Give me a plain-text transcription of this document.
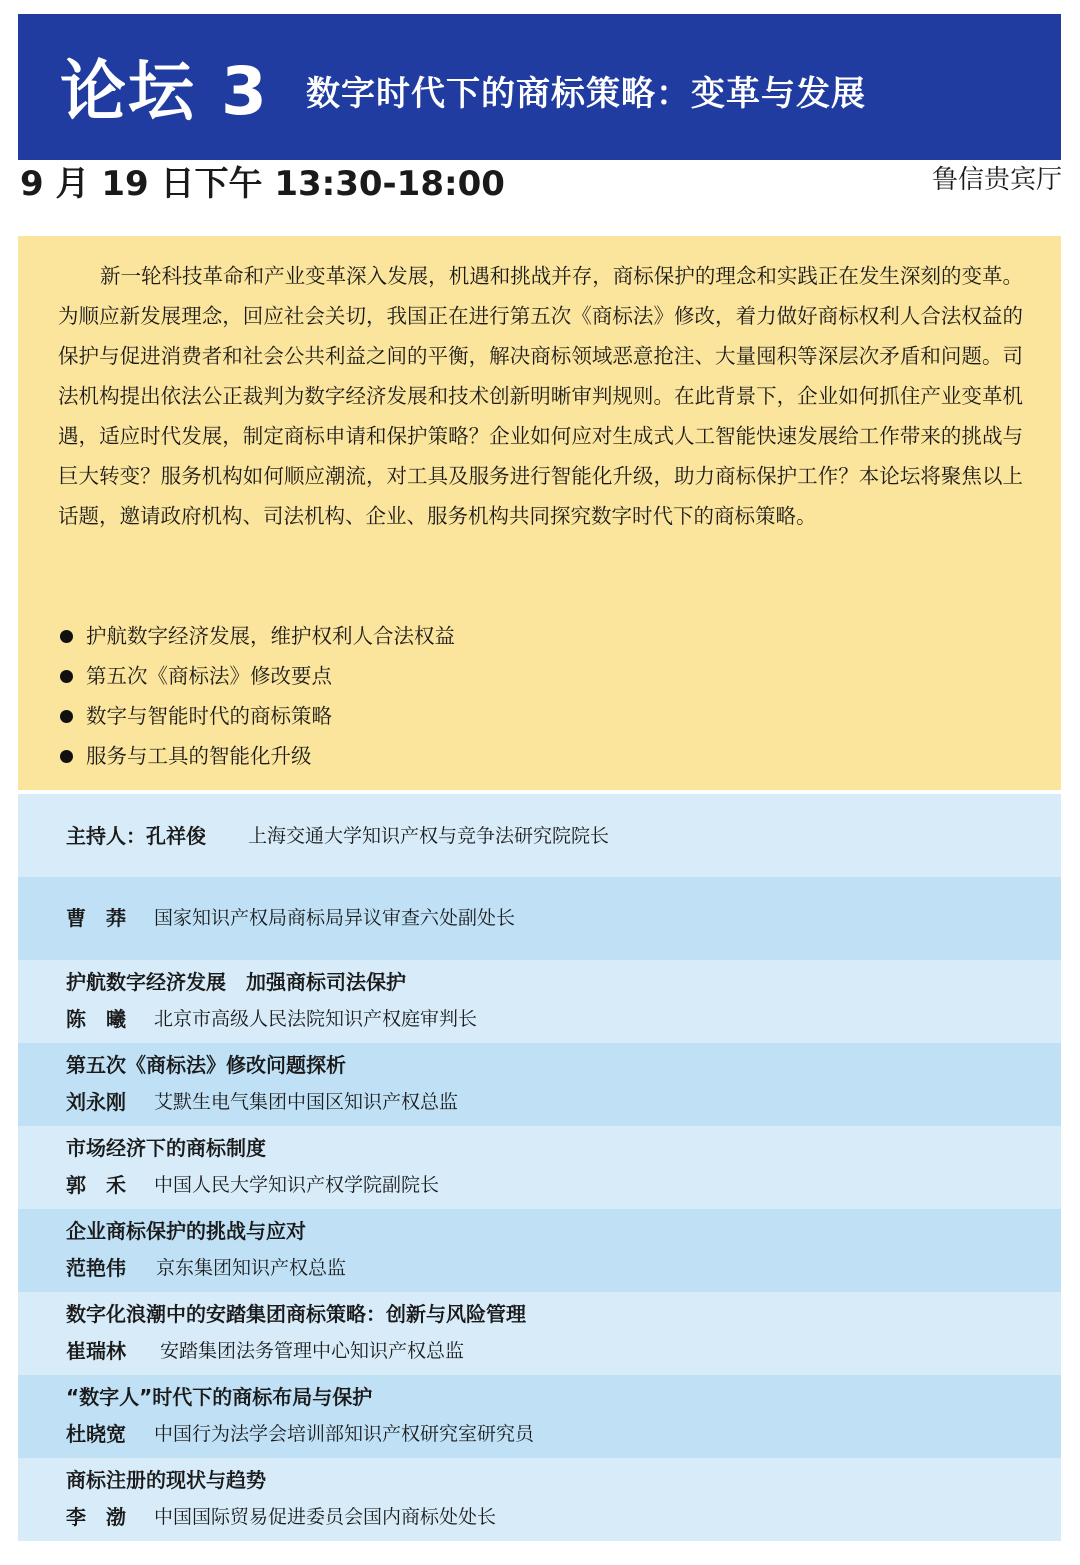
论坛 3 数字时代下的商标策略：变革与发展
9 月 19 日下午 13:30-18:00	鲁信贵宾厅

新一轮科技革命和产业变革深入发展，机遇和挑战并存，商标保护的理念和实践正在发生深刻的变革。为顺应新发展理念，回应社会关切，我国正在进行第五次《商标法》修改，着力做好商标权利人合法权益的保护与促进消费者和社会公共利益之间的平衡，解决商标领域恶意抢注、大量囤积等深层次矛盾和问题。司法机构提出依法公正裁判为数字经济发展和技术创新明晰审判规则。在此背景下，企业如何抓住产业变革机遇，适应时代发展，制定商标申请和保护策略？企业如何应对生成式人工智能快速发展给工作带来的挑战与巨大转变？服务机构如何顺应潮流，对工具及服务进行智能化升级，助力商标保护工作？本论坛将聚焦以上话题，邀请政府机构、司法机构、企业、服务机构共同探究数字时代下的商标策略。

护航数字经济发展，维护权利人合法权益
第五次《商标法》修改要点
数字与智能时代的商标策略
服务与工具的智能化升级
主持人：孔祥俊 上海交通大学知识产权与竞争法研究院院长
曹　莽 国家知识产权局商标局异议审查六处副处长
护航数字经济发展　加强商标司法保护
陈　曦 北京市高级人民法院知识产权庭审判长
第五次《商标法》修改问题探析
刘永刚 艾默生电气集团中国区知识产权总监
市场经济下的商标制度
郭　禾 中国人民大学知识产权学院副院长
企业商标保护的挑战与应对
范艳伟 京东集团知识产权总监
数字化浪潮中的安踏集团商标策略：创新与风险管理
崔瑞林 安踏集团法务管理中心知识产权总监
“数字人”时代下的商标布局与保护
杜晓宽 中国行为法学会培训部知识产权研究室研究员
商标注册的现状与趋势
李　渤 中国国际贸易促进委员会国内商标处处长
